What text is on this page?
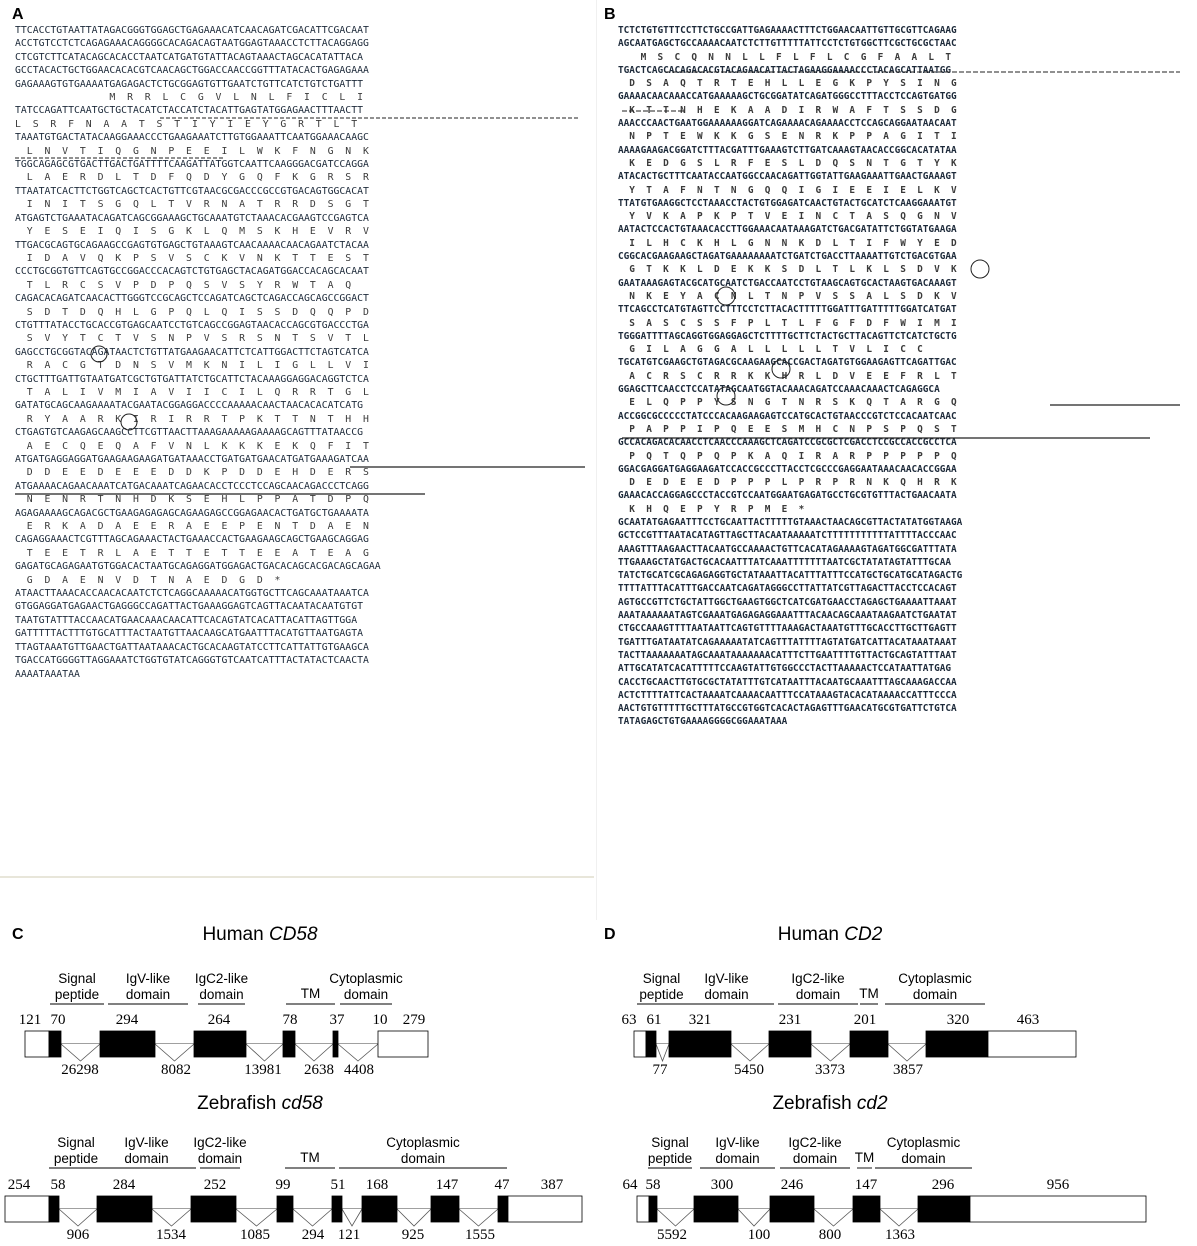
A	B
C	D
TTCACCTGTAATTATAGACGGGTGGAGCTGAGAAACATCAACAGATCGACATTCGACAAT
ACCTGTCCTCTCAGAGAAACAGGGGCACAGACAGTAATGGAGTAAACCTCTTACAGGAGG
CTCGTCTTCATACAGCACACCTAATCATGATGTATTACAGTAAACTAGCACATATTACA
GCCTACACTGCTGGAACACACGTCAACAGCTGGACCAACCGGTTTATACACTGAGAGAAA
GAGAAAGTGTGAAAATGAGAGACTCTGCGGAGTGTTGAATCTGTTCATCTGTCTGATTT
M  R  R  L  C  G  V  L  N  L  F  I  C  L  I
TATCCAGATTCAATGCTGCTACATCTACCATCTACATTGAGTATGGAGAACTTTAACTT
L  S  R  F  N  A  A  T  S  T  I  Y  I  E  Y  G  R  T  L  T
TAAATGTGACTATACAAGGAAACCCTGAAGAAATCTTGTGGAAATTCAATGGAAACAAGC
L  N  V  T  I  Q  G  N  P  E  E  I  L  W  K  F  N  G  N  K
TGGCAGAGCGTGACTTGACTGATTTTCAAGATTATGGTCAATTCAAGGGACGATCCAGGA
L  A  E  R  D  L  T  D  F  Q  D  Y  G  Q  F  K  G  R  S  R
TTAATATCACTTCTGGTCAGCTCACTGTTCGTAACGCGACCCGCCGTGACAGTGGCACAT
I  N  I  T  S  G  Q  L  T  V  R  N  A  T  R  R  D  S  G  T
ATGAGTCTGAAATACAGATCAGCGGAAAGCTGCAAATGTCTAAACACGAAGTCCGAGTCA
Y  E  S  E  I  Q  I  S  G  K  L  Q  M  S  K  H  E  V  R  V
TTGACGCAGTGCAGAAGCCGAGTGTGAGCTGTAAAGTCAACAAAACAACAGAATCTACAA
I  D  A  V  Q  K  P  S  V  S  C  K  V  N  K  T  T  E  S  T
CCCTGCGGTGTTCAGTGCCGGACCCACAGTCTGTGAGCTACAGATGGACCACAGCACAAT
T  L  R  C  S  V  P  D  P  Q  S  V  S  Y  R  W  T  A  Q
CAGACACAGATCAACACTTGGGTCCGCAGCTCCAGATCAGCTCAGACCAGCAGCCGGACT
S  D  T  D  Q  H  L  G  P  Q  L  Q  I  S  S  D  Q  Q  P  D
CTGTTTATACCTGCACCGTGAGCAATCCTGTCAGCCGGAGTAACACCAGCGTGACCCTGA
S  V  Y  T  C  T  V  S  N  P  V  S  R  S  N  T  S  V  T  L
GAGCCTGCGGTACAGATAACTCTGTTATGAAGAACATTCTCATTGGACTTCTAGTCATCA
R  A  C  G  T  D  N  S  V  M  K  N  I  L  I  G  L  L  V  I
CTGCTTTGATTGTAATGATCGCTGTGATTATCTGCATTCTACAAAGGAGGACAGGTCTCA
T  A  L  I  V  M  I  A  V  I  I  C  I  L  Q  R  R  T  G  L
GATATGCAGCAAGAAAATACGAATACGGAGGACCCCAAAAACAACTAACACACATCATG
R  Y  A  A  R  K  I  R  I  R  R  T  P  K  T  T  N  T  H  H
CTGAGTGTCAAGAGCAAGCCTTCGTTAACTTAAAGAAAAAGAAAAGCAGTTTATAACCG
A  E  C  Q  E  Q  A  F  V  N  L  K  K  K  E  K  Q  F  I  T
ATGATGAGGAGGATGAAGAAGAAGATGATAAACCTGATGATGAACATGATGAAAGATCAA
D  D  E  E  D  E  E  E  D  D  K  P  D  D  E  H  D  E  R  S
ATGAAAACAGAACAAATCATGACAAATCAGAACACCTCCCTCCAGCAACAGACCCTCAGG
N  E  N  R  T  N  H  D  K  S  E  H  L  P  P  A  T  D  P  Q
AGAGAAAAGCAGACGCTGAAGAGAGAGCAGAAGAGCCGGAGAACACTGATGCTGAAAATA
E  R  K  A  D  A  E  E  R  A  E  E  P  E  N  T  D  A  E  N
CAGAGGAAACTCGTTTAGCAGAAACTACTGAAACCACTGAAGAAGCAGCTGAAGCAGGAG
T  E  E  T  R  L  A  E  T  T  E  T  T  E  E  A  T  E  A  G
GAGATGCAGAGAATGTGGACACTAATGCAGAGGATGGAGACTGACACAGCACGACAGCAGAA
G  D  A  E  N  V  D  T  N  A  E  D  G  D  *
ATAACTTAAACACCAACACAATCTCTCAGGCAAAAACATGGTGCTTCAGCAAATAAATCA
GTGGAGGATGAGAACTGAGGGCCAGATTACTGAAAGGAGTCAGTTACAATACAATGTGT
TAATGTATTTACCAACATGAACAAACAACATTCACAGTATCACATTACATTAGTTGGA
GATTTTTACTTTGTGCATTTACTAATGTTAACAAGCATGAATTTACATGTTAATGAGTA
TTAGTAAATGTTGAACTGATTAATAAACACTGCACAAGTATCCTTCATTATTGTGAAGCA
TGACCATGGGGTTAGGAAATCTGGTGTATCAGGGTGTCAATCATTTACTATACTCAACTA
AAAATAAATAA
TCTCTGTGTTTCCTTCTGCCGATTGAGAAAACTTTCTGGAACAATTGTTGCGTTCAGAAG
AGCAATGAGCTGCCAAAACAATCTCTTGTTTTTATTCCTCTGTGGCTTCGCTGCGCTAAC
M  S  C  Q  N  N  L  L  F  L  F  L  C  G  F  A  A  L  T
TGACTCAGCACAGACACGTACAGAACATTACTAGAAGGAAAACCCTACAGCATTAATGG
D  S  A  Q  T  R  T  E  H  L  L  E  G  K  P  Y  S  I  N  G
GAAAACAACAAACCATGAAAAAGCTGCGGATATCAGATGGGCCTTTACCTCCAGTGATGG
K  T  T  N  H  E  K  A  A  D  I  R  W  A  F  T  S  S  D  G
AAACCCAACTGAATGGAAAAAAGGATCAGAAAACAGAAAACCTCCAGCAGGAATAACAAT
N  P  T  E  W  K  K  G  S  E  N  R  K  P  P  A  G  I  T  I
AAAAGAAGACGGATCTTTACGATTTGAAAGTCTTGATCAAAGTAACACCGGCACATATAA
K  E  D  G  S  L  R  F  E  S  L  D  Q  S  N  T  G  T  Y  K
ATACACTGCTTTCAATACCAATGGCCAACAGATTGGTATTGAAGAAATTGAACTGAAAGT
Y  T  A  F  N  T  N  G  Q  Q  I  G  I  E  E  I  E  L  K  V
TTATGTGAAGGCTCCTAAACCTACTGTGGAGATCAACTGTACTGCATCTCAAGGAAATGT
Y  V  K  A  P  K  P  T  V  E  I  N  C  T  A  S  Q  G  N  V
AATACTCCACTGTAAACACCTTGGAAACAATAAAGATCTGACGATATTCTGGTATGAAGA
I  L  H  C  K  H  L  G  N  N  K  D  L  T  I  F  W  Y  E  D
CGGCACGAAGAAGCTAGATGAAAAAAAATCTGATCTGACCTTAAAATTGTCTGACGTGAA
G  T  K  K  L  D  E  K  K  S  D  L  T  L  K  L  S  D  V  K
GAATAAAGAGTACGCATGCAATCTGACCAATCCTGTAAGCAGTGCACTAAGTGACAAAGT
N  K  E  Y  A  C  N  L  T  N  P  V  S  S  A  L  S  D  K  V
TTCAGCCTCATGTAGTTCCTTTCCTCTTACACTTTTTGGATTTGATTTTTGGATCATGAT
S  A  S  C  S  S  F  P  L  T  L  F  G  F  D  F  W  I  M  I
TGGGATTTTAGCAGGTGGAGGAGCTCTTTTGCTTCTACTGCTTACAGTTCTCATCTGCTG
G  I  L  A  G  G  A  L  L  L  L  L  T  V  L  I  C  C
TGCATGTCGAAGCTGTAGACGCAAGAAGCACCGACTAGATGTGGAAGAGTTCAGATTGAC
A  C  R  S  C  R  R  K  K  H  R  L  D  V  E  E  F  R  L  T
GGAGCTTCAACCTCCATATAGCAATGGTACAAACAGATCCAAACAAACTCAGAGGCA
E  L  Q  P  P  Y  S  N  G  T  N  R  S  K  Q  T  A  R  G  Q
ACCGGCGCCCCCTATCCCACAAGAAGAGTCCATGCACTGTAACCCGTCTCCACAATCAAC
P  A  P  P  I  P  Q  E  E  S  M  H  C  N  P  S  P  Q  S  T
GCCACAGACACAACCTCAACCCAAAGCTCAGATCCGCGCTCGACCTCCGCCACCGCCTCA
P  Q  T  Q  P  Q  P  K  A  Q  I  R  A  R  P  P  P  P  P  Q
GGACGAGGATGAGGAAGATCCACCGCCCTTACCTCGCCCGAGGAATAAACAACACCGGAA
D  E  D  E  E  D  P  P  P  L  P  R  P  R  N  K  Q  H  R  K
GAAACACCAGGAGCCCTACCGTCCAATGGAATGAGATGCCTGCGTGTTTACTGAACAATA
K  H  Q  E  P  Y  R  P  M  E  *
GCAATATGAGAATTTCCTGCAATTACTTTTTGTAAACTAACAGCGTTACTATATGGTAAGA
GCTCCGTTTAATACATAGTTAGCTTACAATAAAAATCTTTTTTTTTTTATTTTACCCAAC
AAAGTTTAAGAACTTACAATGCCAAAACTGTTCACATAGAAAAGTAGATGGCGATTTATA
TTGAAAGCTATGACTGCACAATTTATCAAATTTTTTTAATCGCTATATAGTATTTGCAA
TATCTGCATCGCAGAGAGGTGCTATAAATTACATTTATTTCCATGCTGCATGCATAGACTG
TTTTATTTACATTTGACCAATCAGATAGGGCCTTATTATCGTTAGACTTACCTCCACAGT
AGTGCCGTTCTGCTATTGGCTGAAGTGGCTCATCGATGAACCTAGAGCTGAAAATTAAAT
AAATAAAAAATAGTCGAAATGAGAGAGGAAATTTACAACAGCAAATAAGAATCTGAATAT
CTGCCAAAGTTTTAATAATTCAGTGTTTTAAAGACTAAATGTTTGCACCTTGCTTGAGTT
TGATTTGATAATATCAGAAAAATATCAGTTTATTTTAGTATGATCATTACATAAATAAAT
TACTTAAAAAAATAGCAAATAAAAAAACATTTCTTGAATTTTGTTACTGCAGTATTTAAT
ATTGCATATCACATTTTTCCAAGTATTGTGGCCCTACTTAAAAACTCCATAATTATGAG
CACCTGCAACTTGTGCGCTATATTTGTCATAATTTACAATGCAAATTTAGCAAAGACCAA
ACTCTTTTATTCACTAAAATCAAAACAATTTCCATAAAGTACACATAAAACCATTTCCCA
AACTGTGTTTTTGCTTTATGCCGTGGTCACACTAGAGTTTGAACATGCGTGATTCTGTCA
TATAGAGCTGTGAAAAGGGGCGGAAATAAA
Human CD58
Zebrafish cd58
Human CD2
Zebrafish cd2
121 70	294	264	78 37 10 279
26298	8082	13981 2638 4408
Signal
peptide
IgV-like
domain
IgC2-like
domain	TM
Cytoplasmic
domain
254 58	284	252	99	51 168	147 47 387
906	1534	1085 294 121	925	1555
Signal
peptide
IgV-like
domain
IgC2-like
domain	TM
Cytoplasmic
domain
63 61 321	231	201	320	463
77	5450	3373	3857
Signal
peptide
IgV-like
domain
IgC2-like
domain TM
Cytoplasmic
domain
64 58	300	246	147	296	956
5592	100	800	1363
Signal
peptide
IgV-like
domain
IgC2-like
domain TM
Cytoplasmic
domain
